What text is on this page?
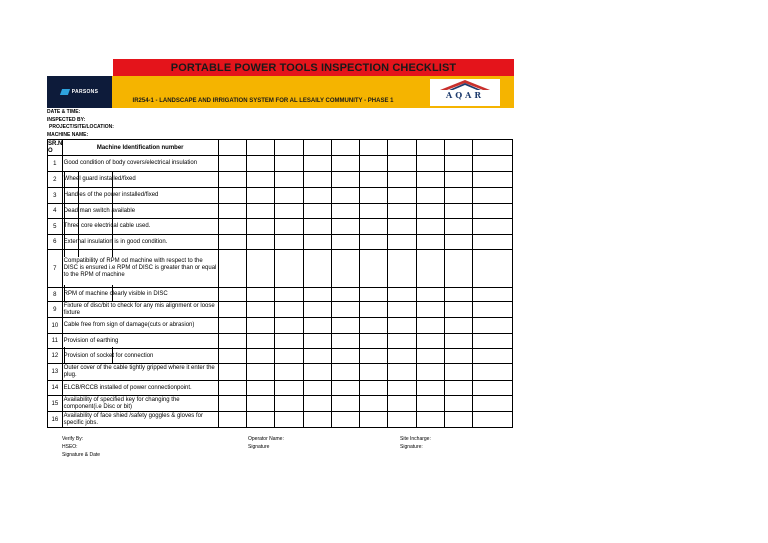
PORTABLE POWER TOOLS INSPECTION CHECKLIST
PARSONS
IR254-1 - LANDSCAPE AND IRRIGATION SYSTEM FOR AL LESAILY COMMUNITY - PHASE 1
AQAR
DATE & TIME:
INSPECTED BY:
PROJECT/SITE/LOCATION:
MACHINE NAME:
SR.N O	Machine Identification number										
1	Good condition of body covers/electrical insulation										
2	Wheel guard installed/fixed										
3	Handles of the power installed/fixed										
4	Dead man switch available										
5	Three core electrical cable used.										
6	External insulation is in good condition.										
7	Compatibility of RPM od machine with respect to the DISC is ensured i.e RPM of DISC is greater than or equal to the RPM of machine										
8	RPM of machine clearly visible in DISC										
9	Fixture of disc/bit to check for any mis alignment or loose fixture										
10	Cable free from sign of damage(cuts or abrasion)										
11	Provision of earthing										
12	Provision of socket for connection										
13	Outer cover of the cable tightly gripped where it enter the plug.										
14	ELCB/RCCB installed of power connectionpoint.										
15	Availability of specified key for changing the component(i.e Disc or bit)										
16	Availability of face shied /safety goggles & gloves for specific jobs.										
Verify By:
HSEO:
Signature & Date
Operator Name:
Signature
Site Incharge:
Signature:
